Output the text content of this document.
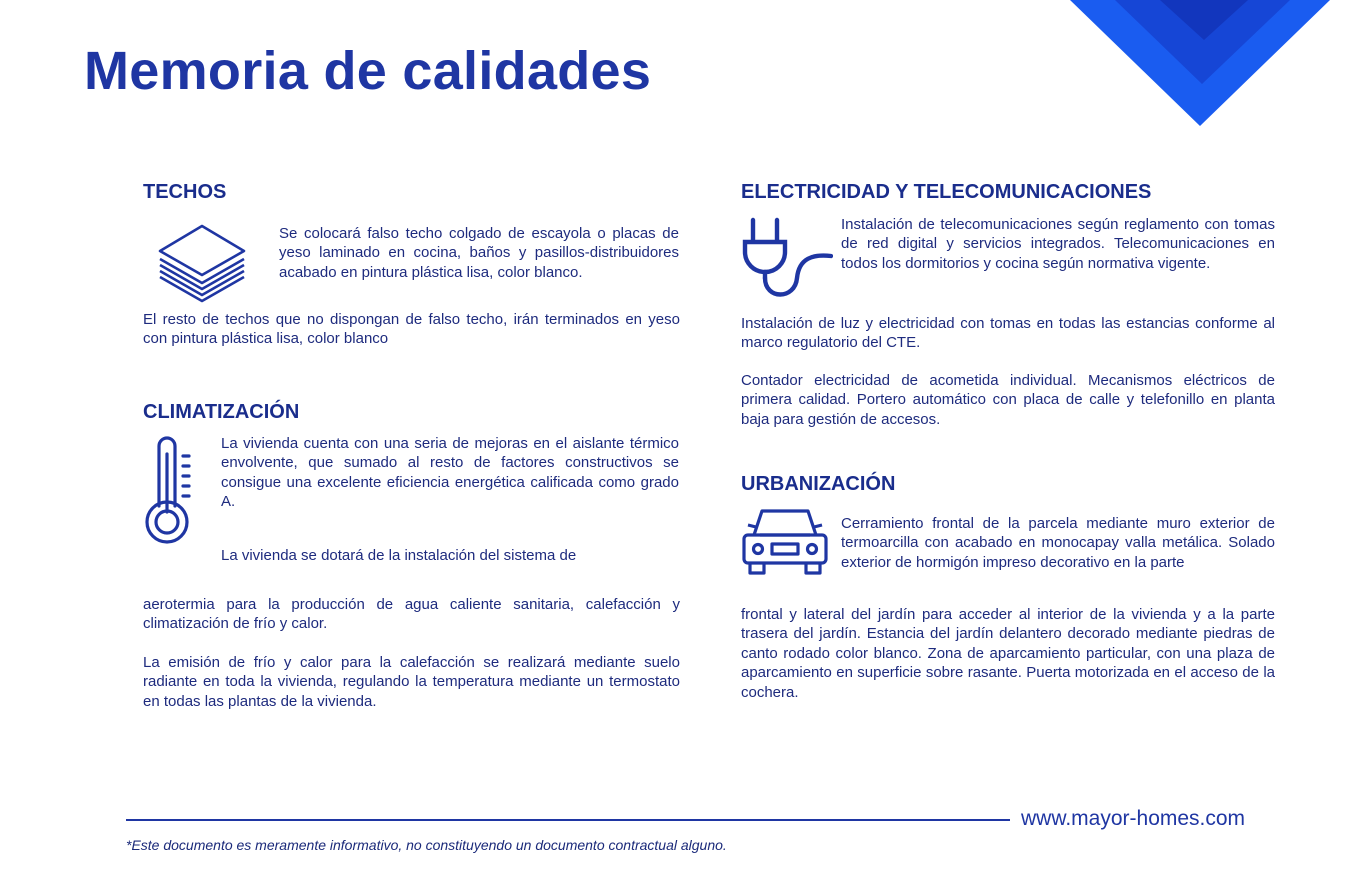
Memoria de calidades
TECHOS
Se colocará falso techo colgado de escayola o placas de yeso laminado en cocina, baños y pasillos-distribuidores acabado en pintura plástica lisa, color blanco.
El resto de techos que no dispongan de falso techo, irán terminados en yeso con pintura plástica lisa, color blanco
CLIMATIZACIÓN
La vivienda cuenta con una seria de mejoras en el aislante térmico envolvente, que sumado al resto de factores constructivos se consigue una excelente eficiencia energética calificada como grado A.
La vivienda se dotará de la instalación del sistema de
aerotermia para la producción de agua caliente sanitaria, calefacción y climatización de frío y calor.
La emisión de frío y calor para la calefacción se realizará mediante suelo radiante en toda la vivienda, regulando la temperatura mediante un termostato en todas las plantas de la vivienda.
ELECTRICIDAD Y TELECOMUNICACIONES
Instalación de telecomunicaciones según reglamento con tomas de red digital y servicios integrados. Telecomunicaciones en todos los dormitorios y cocina según normativa vigente.
Instalación de luz y electricidad con tomas en todas las estancias conforme al marco regulatorio del CTE.
Contador electricidad de acometida individual. Mecanismos eléctricos de primera calidad. Portero automático con placa de calle y telefonillo en planta baja para gestión de accesos.
URBANIZACIÓN
Cerramiento frontal de la parcela mediante muro exterior de termoarcilla con acabado en monocapay valla metálica. Solado exterior de hormigón impreso decorativo en la parte
frontal y lateral del jardín para acceder al interior de la vivienda y a la parte trasera del jardín. Estancia del jardín delantero decorado mediante piedras de canto rodado color blanco. Zona de aparcamiento particular, con una plaza de aparcamiento en superficie sobre rasante. Puerta motorizada en el acceso de la cochera.
www.mayor-homes.com
*Este documento es meramente informativo, no constituyendo un documento contractual alguno.
